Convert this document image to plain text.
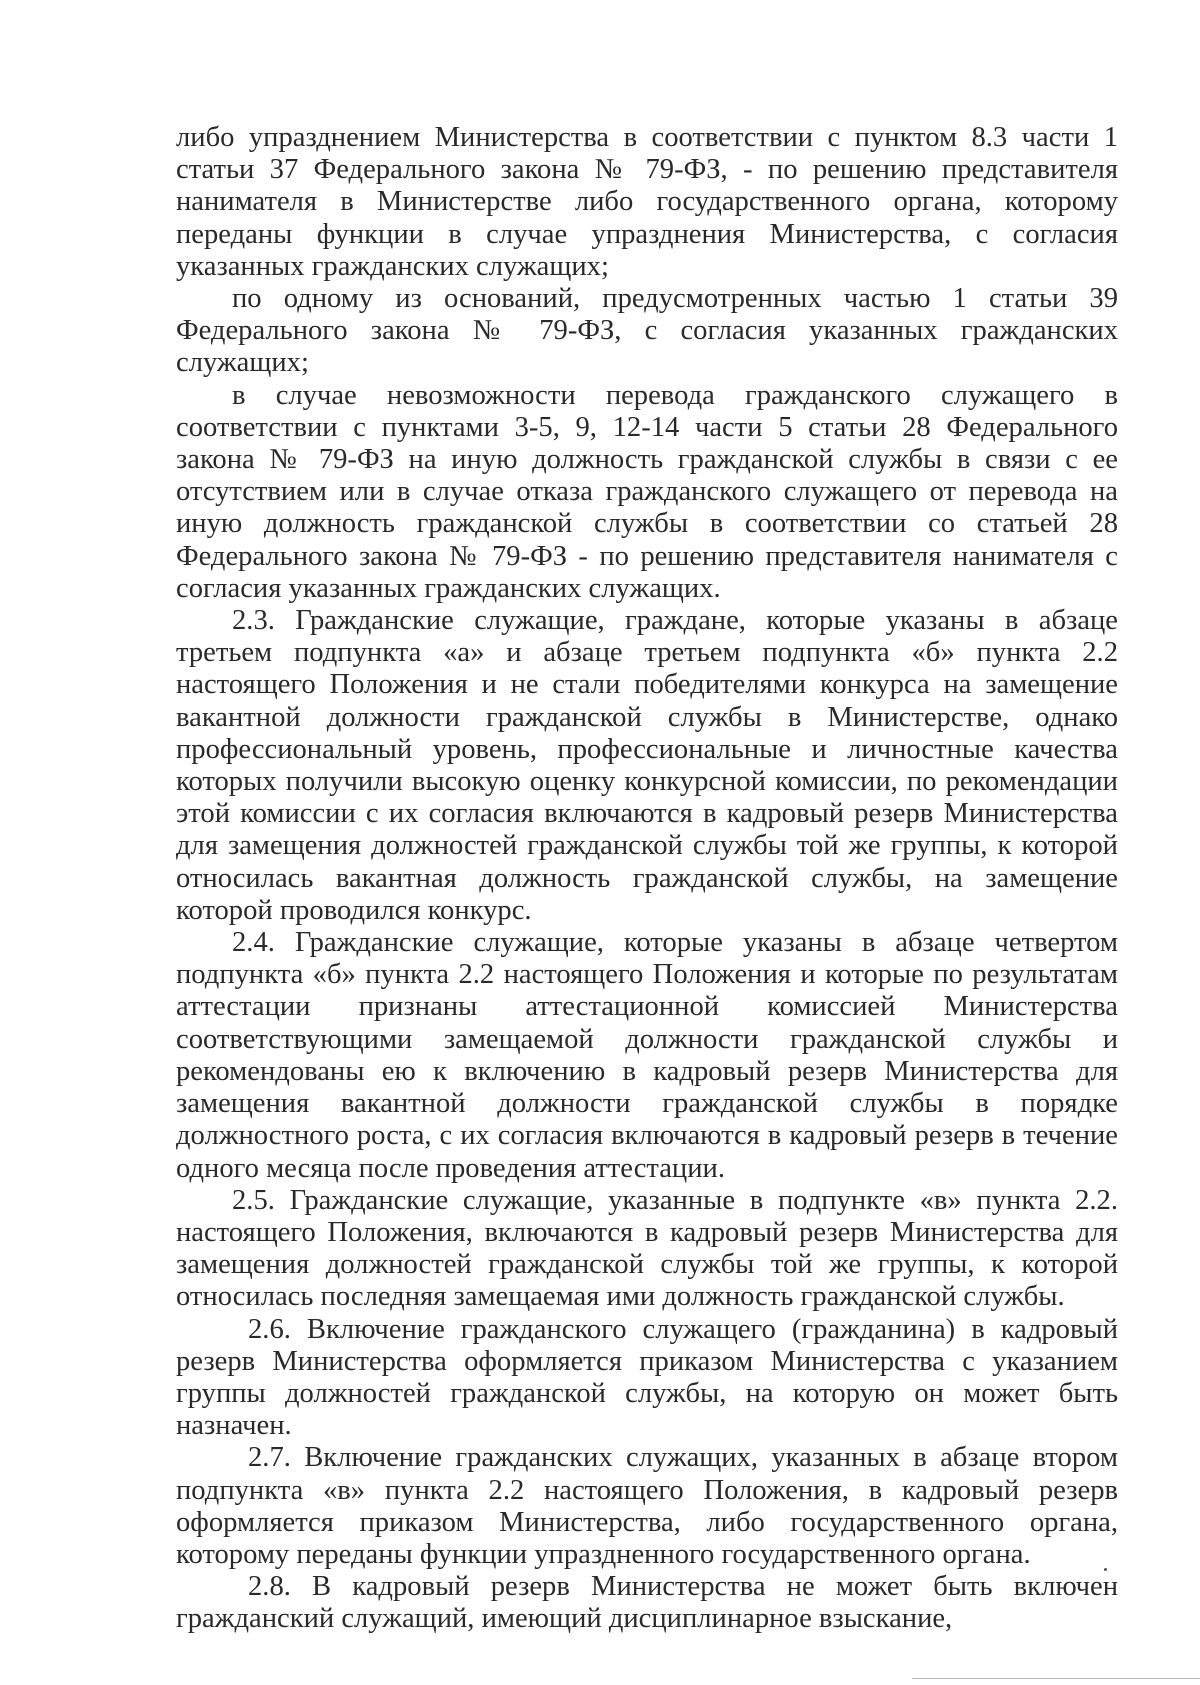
либо упразднением Министерства в соответствии с пунктом 8.3 части 1 статьи 37 Федерального закона № 79-ФЗ, - по решению представителя нанимателя в Министерстве либо государственного органа, которому переданы функции в случае упразднения Министерства, с согласия указанных гражданских служащих;

по одному из оснований, предусмотренных частью 1 статьи 39 Федерального закона № 79-ФЗ, с согласия указанных гражданских служащих;

в случае невозможности перевода гражданского служащего в соответствии с пунктами 3-5, 9, 12-14 части 5 статьи 28 Федерального закона № 79-ФЗ на иную должность гражданской службы в связи с ее отсутствием или в случае отказа гражданского служащего от перевода на иную должность гражданской службы в соответствии со статьей 28 Федерального закона № 79-ФЗ - по решению представителя нанимателя с согласия указанных гражданских служащих.

2.3. Гражданские служащие, граждане, которые указаны в абзаце третьем подпункта «а» и абзаце третьем подпункта «б» пункта 2.2 настоящего Положения и не стали победителями конкурса на замещение вакантной должности гражданской службы в Министерстве, однако профессиональный уровень, профессиональные и личностные качества которых получили высокую оценку конкурсной комиссии, по рекомендации этой комиссии с их согласия включаются в кадровый резерв Министерства для замещения должностей гражданской службы той же группы, к которой относилась вакантная должность гражданской службы, на замещение которой проводился конкурс.

2.4. Гражданские служащие, которые указаны в абзаце четвертом подпункта «б» пункта 2.2 настоящего Положения и которые по результатам аттестации признаны аттестационной комиссией Министерства соответствующими замещаемой должности гражданской службы и рекомендованы ею к включению в кадровый резерв Министерства для замещения вакантной должности гражданской службы в порядке должностного роста, с их согласия включаются в кадровый резерв в течение одного месяца после проведения аттестации.

2.5. Гражданские служащие, указанные в подпункте «в» пункта 2.2. настоящего Положения, включаются в кадровый резерв Министерства для замещения должностей гражданской службы той же группы, к которой относилась последняя замещаемая ими должность гражданской службы.

2.6. Включение гражданского служащего (гражданина) в кадровый резерв Министерства оформляется приказом Министерства с указанием группы должностей гражданской службы, на которую он может быть назначен.

2.7. Включение гражданских служащих, указанных в абзаце втором подпункта «в» пункта 2.2 настоящего Положения, в кадровый резерв оформляется приказом Министерства, либо государственного органа, которому переданы функции упраздненного государственного органа.

2.8. В кадровый резерв Министерства не может быть включен гражданский служащий, имеющий дисциплинарное взыскание,
